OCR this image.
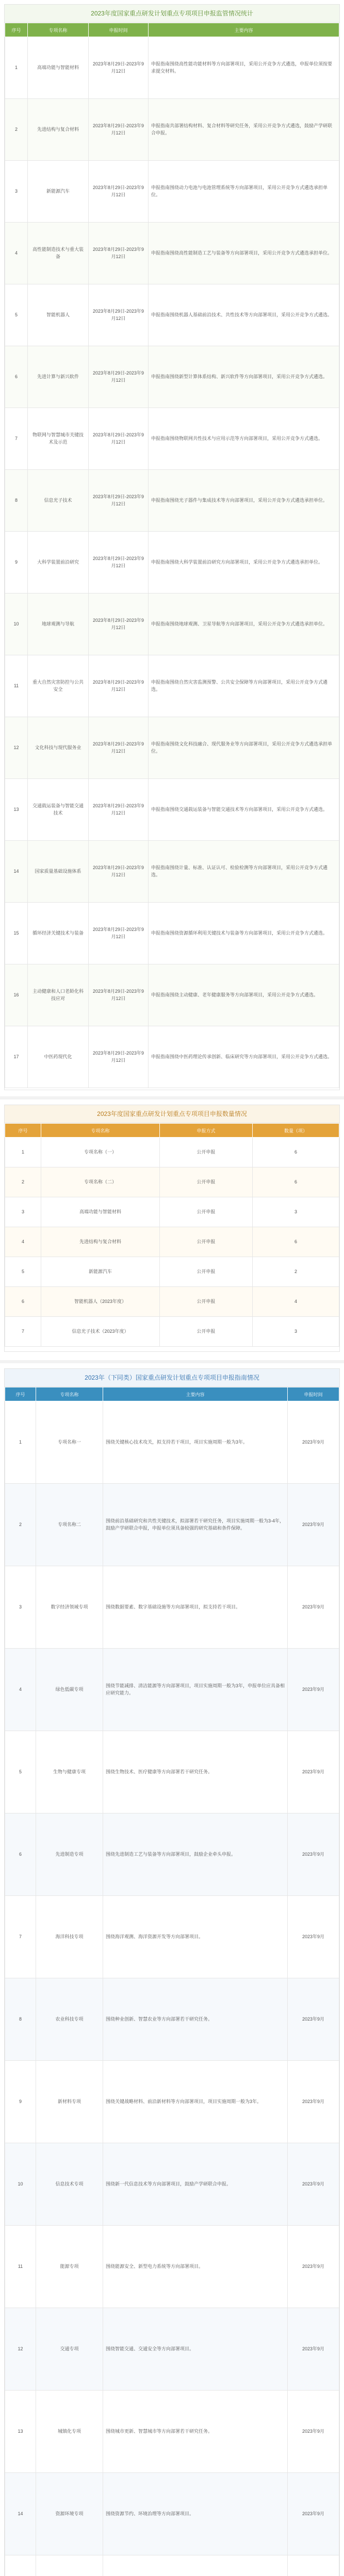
2023年度国家重点研发计划重点专项项目申报监管情况统计
序号	专项名称	申报时间	主要内容
1	高端功能与智能材料	2023年8月29日-2023年9月12日	申报指南围绕高性能功能材料等方向部署项目，采用公开竞争方式遴选，申报单位须按要求提交材料。
2	先进结构与复合材料	2023年8月29日-2023年9月12日	申报指南共部署结构材料、复合材料等研究任务，采用公开竞争方式遴选，鼓励产学研联合申报。
3	新能源汽车	2023年8月29日-2023年9月12日	申报指南围绕动力电池与电池管理系统等方向部署项目，采用公开竞争方式遴选承担单位。
4	高性能制造技术与重大装备	2023年8月29日-2023年9月12日	申报指南围绕高性能制造工艺与装备等方向部署项目，采用公开竞争方式遴选承担单位。
5	智能机器人	2023年8月29日-2023年9月12日	申报指南围绕机器人基础前沿技术、共性技术等方向部署项目，采用公开竞争方式遴选。
6	先进计算与新兴软件	2023年8月29日-2023年9月12日	申报指南围绕新型计算体系结构、新兴软件等方向部署项目，采用公开竞争方式遴选。
7	物联网与智慧城市关键技术及示范	2023年8月29日-2023年9月12日	申报指南围绕物联网共性技术与应用示范等方向部署项目，采用公开竞争方式遴选。
8	信息光子技术	2023年8月29日-2023年9月12日	申报指南围绕光子器件与集成技术等方向部署项目，采用公开竞争方式遴选承担单位。
9	大科学装置前沿研究	2023年8月29日-2023年9月12日	申报指南围绕大科学装置前沿研究方向部署项目，采用公开竞争方式遴选承担单位。
10	地球观测与导航	2023年8月29日-2023年9月12日	申报指南围绕地球观测、卫星导航等方向部署项目，采用公开竞争方式遴选承担单位。
11	重大自然灾害防控与公共安全	2023年8月29日-2023年9月12日	申报指南围绕自然灾害监测预警、公共安全保障等方向部署项目，采用公开竞争方式遴选。
12	文化科技与现代服务业	2023年8月29日-2023年9月12日	申报指南围绕文化科技融合、现代服务业等方向部署项目，采用公开竞争方式遴选承担单位。
13	交通载运装备与智能交通技术	2023年8月29日-2023年9月12日	申报指南围绕交通载运装备与智能交通技术等方向部署项目，采用公开竞争方式遴选。
14	国家质量基础设施体系	2023年8月29日-2023年9月12日	申报指南围绕计量、标准、认证认可、检验检测等方向部署项目，采用公开竞争方式遴选。
15	循环经济关键技术与装备	2023年8月29日-2023年9月12日	申报指南围绕资源循环利用关键技术与装备等方向部署项目，采用公开竞争方式遴选。
16	主动健康和人口老龄化科技应对	2023年8月29日-2023年9月12日	申报指南围绕主动健康、老年健康服务等方向部署项目，采用公开竞争方式遴选。
17	中医药现代化	2023年8月29日-2023年9月12日	申报指南围绕中医药理论传承创新、临床研究等方向部署项目，采用公开竞争方式遴选。
2023年度国家重点研发计划重点专项项目申报数量情况
序号	专项名称	申报方式	数量（项）
1	专项名称（一）	公开申报	6
2	专项名称（二）	公开申报	6
3	高端功能与智能材料	公开申报	3
4	先进结构与复合材料	公开申报	6
5	新能源汽车	公开申报	2
6	智能机器人（2023年度）	公开申报	4
7	信息光子技术（2023年度）	公开申报	3
2023年（下同类）国家重点研发计划重点专项项目申报指南情况
序号	专项名称	主要内容	申报时间
1	专项名称一	围绕关键核心技术攻关，拟支持若干项目，项目实施周期一般为3年。	2023年9月
2	专项名称二	围绕前沿基础研究和共性关键技术，拟部署若干研究任务，项目实施周期一般为3-4年，鼓励产学研联合申报，申报单位须具备较强的研究基础和条件保障。	2023年9月
3	数字经济领域专项	围绕数据要素、数字基础设施等方向部署项目，拟支持若干项目。	2023年9月
4	绿色低碳专项	围绕节能减排、清洁能源等方向部署项目，项目实施周期一般为3年，申报单位应具备相应研究能力。	2023年9月
5	生物与健康专项	围绕生物技术、医疗健康等方向部署若干研究任务。	2023年9月
6	先进制造专项	围绕先进制造工艺与装备等方向部署项目，鼓励企业牵头申报。	2023年9月
7	海洋科技专项	围绕海洋观测、海洋资源开发等方向部署项目。	2023年9月
8	农业科技专项	围绕种业创新、智慧农业等方向部署若干研究任务。	2023年9月
9	新材料专项	围绕关键战略材料、前沿新材料等方向部署项目，项目实施周期一般为3年。	2023年9月
10	信息技术专项	围绕新一代信息技术等方向部署项目，鼓励产学研联合申报。	2023年9月
11	能源专项	围绕能源安全、新型电力系统等方向部署项目。	2023年9月
12	交通专项	围绕智能交通、交通安全等方向部署项目。	2023年9月
13	城镇化专项	围绕城市更新、智慧城市等方向部署若干研究任务。	2023年9月
14	资源环境专项	围绕资源节约、环境治理等方向部署项目。	2023年9月
